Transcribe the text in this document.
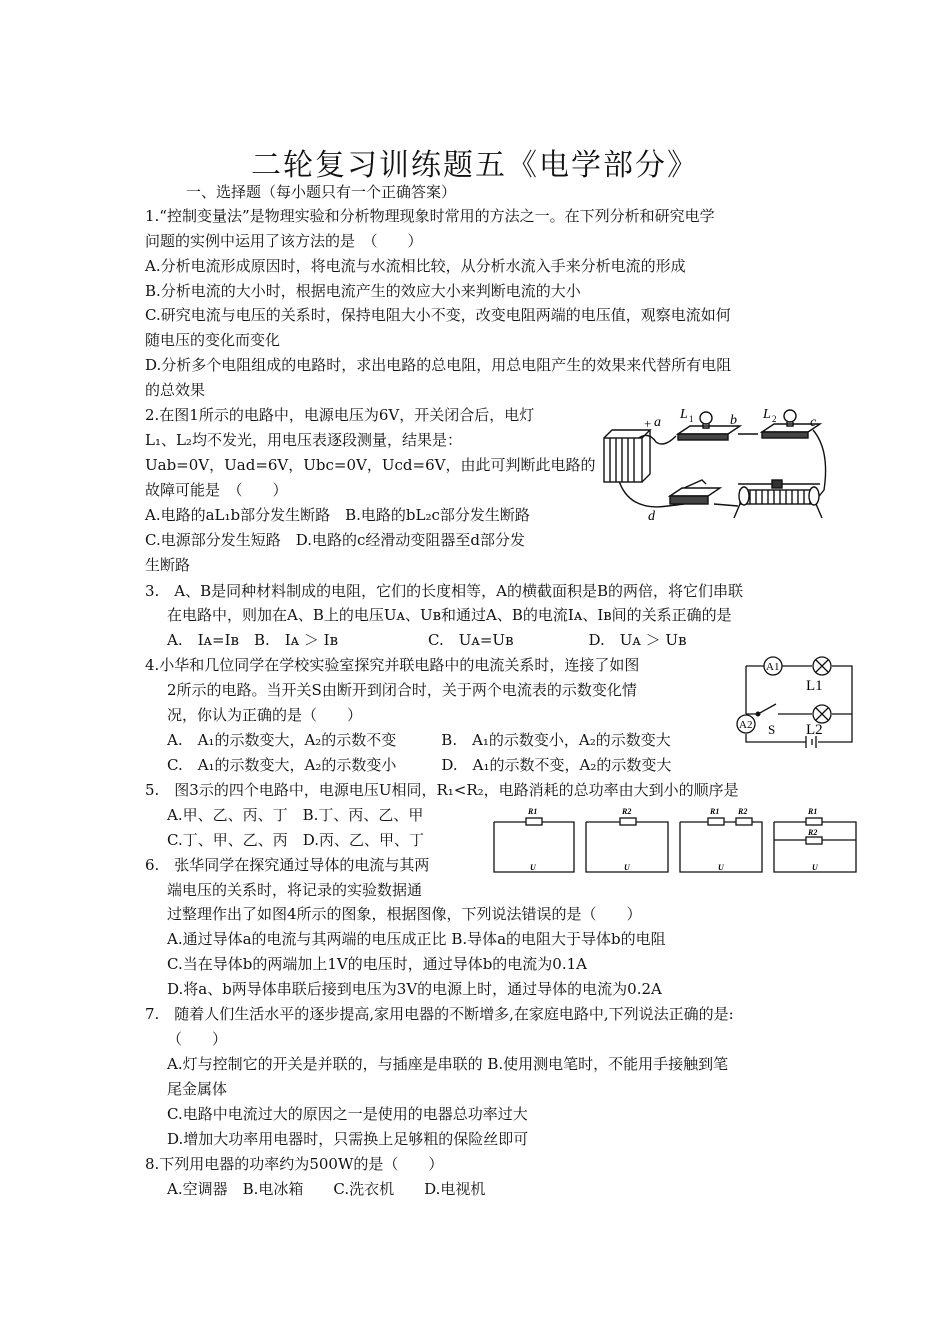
二轮复习训练题五《电学部分》
一、选择题（每小题只有一个正确答案）
1.“控制变量法”是物理实验和分析物理现象时常用的方法之一。在下列分析和研究电学
问题的实例中运用了该方法的是　（　　）
A.分析电流形成原因时，将电流与水流相比较，从分析水流入手来分析电流的形成
B.分析电流的大小时，根据电流产生的效应大小来判断电流的大小
C.研究电流与电压的关系时，保持电阻大小不变，改变电阻两端的电压值，观察电流如何
随电压的变化而变化
D.分析多个电阻组成的电路时，求出电路的总电阻，用总电阻产生的效果来代替所有电阻
的总效果
2.在图1所示的电路中，电源电压为6V，开关闭合后，电灯
L₁、L₂均不发光，用电压表逐段测量，结果是：
Uab=0V，Uad=6V，Ubc=0V，Ucd=6V，由此可判断此电路的
故障可能是　（　　）
A.电路的aL₁b部分发生断路　B.电路的bL₂c部分发生断路
C.电源部分发生短路　D.电路的c经滑动变阻器至d部分发
生断路
+ a
L 1	b L 2 c
d
3.　A、B是同种材料制成的电阻，它们的长度相等，A的横截面积是B的两倍，将它们串联
在电路中，则加在A、B上的电压Uᴀ、Uʙ和通过A、B的电流Iᴀ、Iʙ间的关系正确的是
A.　Iᴀ=Iʙ　B.　Iᴀ ＞ Iʙ　　　　　　C.　Uᴀ=Uʙ　　　　　D.　Uᴀ ＞ Uʙ
4.小华和几位同学在学校实验室探究并联电路中的电流关系时，连接了如图
2所示的电路。当开关S由断开到闭合时，关于两个电流表的示数变化情
况，你认为正确的是（　　）
A.　A₁的示数变大，A₂的示数不变　　　B.　A₁的示数变小，A₂的示数变大
C.　A₁的示数变大，A₂的示数变小　　　D.　A₁的示数不变，A₂的示数变大
A1
A2
L1
L2
S
5.　图3示的四个电路中，电源电压U相同，R₁<R₂，电路消耗的总功率由大到小的顺序是
A.甲、乙、丙、丁　B.丁、丙、乙、甲
C.丁、甲、乙、丙　D.丙、乙、甲、丁
R1	R2	R1 R2	R1
R2
U	U	U	U
6.　张华同学在探究通过导体的电流与其两
端电压的关系时，将记录的实验数据通
过整理作出了如图4所示的图象，根据图像，下列说法错误的是（　　）
A.通过导体a的电流与其两端的电压成正比 B.导体a的电阻大于导体b的电阻
C.当在导体b的两端加上1V的电压时，通过导体b的电流为0.1A
D.将a、b两导体串联后接到电压为3V的电源上时，通过导体的电流为0.2A
7.　随着人们生活水平的逐步提高,家用电器的不断增多,在家庭电路中,下列说法正确的是:
（　　）
A.灯与控制它的开关是并联的，与插座是串联的 B.使用测电笔时，不能用手接触到笔
尾金属体
C.电路中电流过大的原因之一是使用的电器总功率过大
D.增加大功率用电器时，只需换上足够粗的保险丝即可
8.下列用电器的功率约为500W的是（　　）
A.空调器　B.电冰箱　　C.洗衣机　　D.电视机
